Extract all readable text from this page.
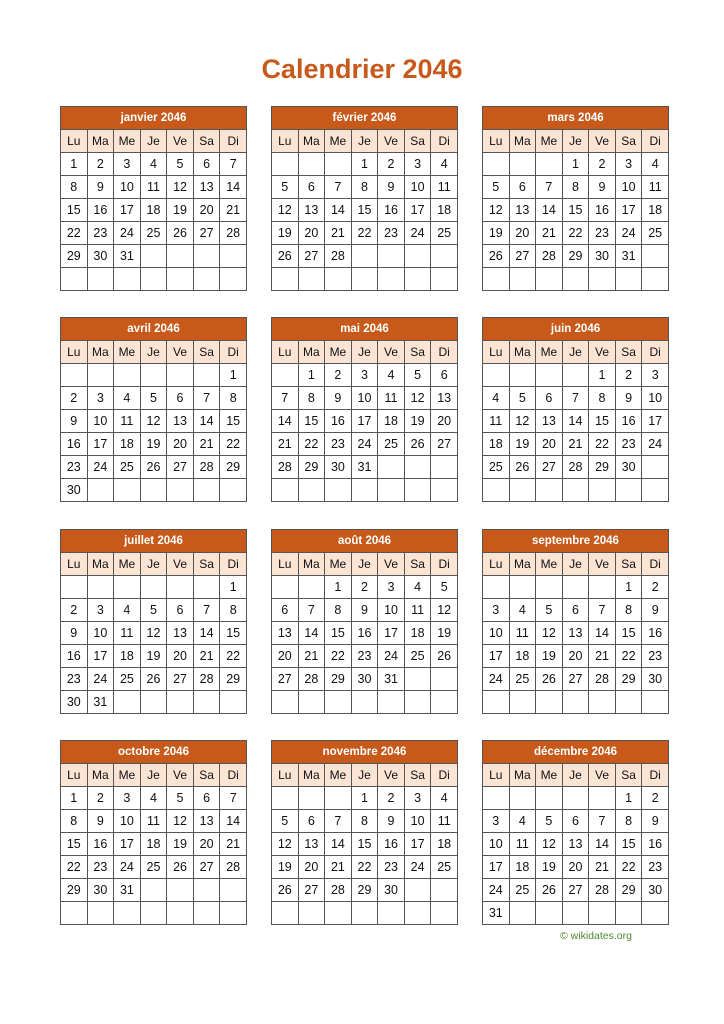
Calendrier 2046
janvier 2046						
Lu	Ma	Me	Je	Ve	Sa	Di
1	2	3	4	5	6	7
8	9	10	11	12	13	14
15	16	17	18	19	20	21
22	23	24	25	26	27	28
29	30	31				

février 2046						
Lu	Ma	Me	Je	Ve	Sa	Di
			1	2	3	4
5	6	7	8	9	10	11
12	13	14	15	16	17	18
19	20	21	22	23	24	25
26	27	28				

mars 2046						
Lu	Ma	Me	Je	Ve	Sa	Di
			1	2	3	4
5	6	7	8	9	10	11
12	13	14	15	16	17	18
19	20	21	22	23	24	25
26	27	28	29	30	31	

avril 2046						
Lu	Ma	Me	Je	Ve	Sa	Di
						1
2	3	4	5	6	7	8
9	10	11	12	13	14	15
16	17	18	19	20	21	22
23	24	25	26	27	28	29
30						
mai 2046						
Lu	Ma	Me	Je	Ve	Sa	Di
	1	2	3	4	5	6
7	8	9	10	11	12	13
14	15	16	17	18	19	20
21	22	23	24	25	26	27
28	29	30	31			

juin 2046						
Lu	Ma	Me	Je	Ve	Sa	Di
				1	2	3
4	5	6	7	8	9	10
11	12	13	14	15	16	17
18	19	20	21	22	23	24
25	26	27	28	29	30	

juillet 2046						
Lu	Ma	Me	Je	Ve	Sa	Di
						1
2	3	4	5	6	7	8
9	10	11	12	13	14	15
16	17	18	19	20	21	22
23	24	25	26	27	28	29
30	31					
août 2046						
Lu	Ma	Me	Je	Ve	Sa	Di
		1	2	3	4	5
6	7	8	9	10	11	12
13	14	15	16	17	18	19
20	21	22	23	24	25	26
27	28	29	30	31		

septembre 2046						
Lu	Ma	Me	Je	Ve	Sa	Di
					1	2
3	4	5	6	7	8	9
10	11	12	13	14	15	16
17	18	19	20	21	22	23
24	25	26	27	28	29	30

octobre 2046						
Lu	Ma	Me	Je	Ve	Sa	Di
1	2	3	4	5	6	7
8	9	10	11	12	13	14
15	16	17	18	19	20	21
22	23	24	25	26	27	28
29	30	31				

novembre 2046						
Lu	Ma	Me	Je	Ve	Sa	Di
			1	2	3	4
5	6	7	8	9	10	11
12	13	14	15	16	17	18
19	20	21	22	23	24	25
26	27	28	29	30		

décembre 2046						
Lu	Ma	Me	Je	Ve	Sa	Di
					1	2
3	4	5	6	7	8	9
10	11	12	13	14	15	16
17	18	19	20	21	22	23
24	25	26	27	28	29	30
31						
© wikidates.org
